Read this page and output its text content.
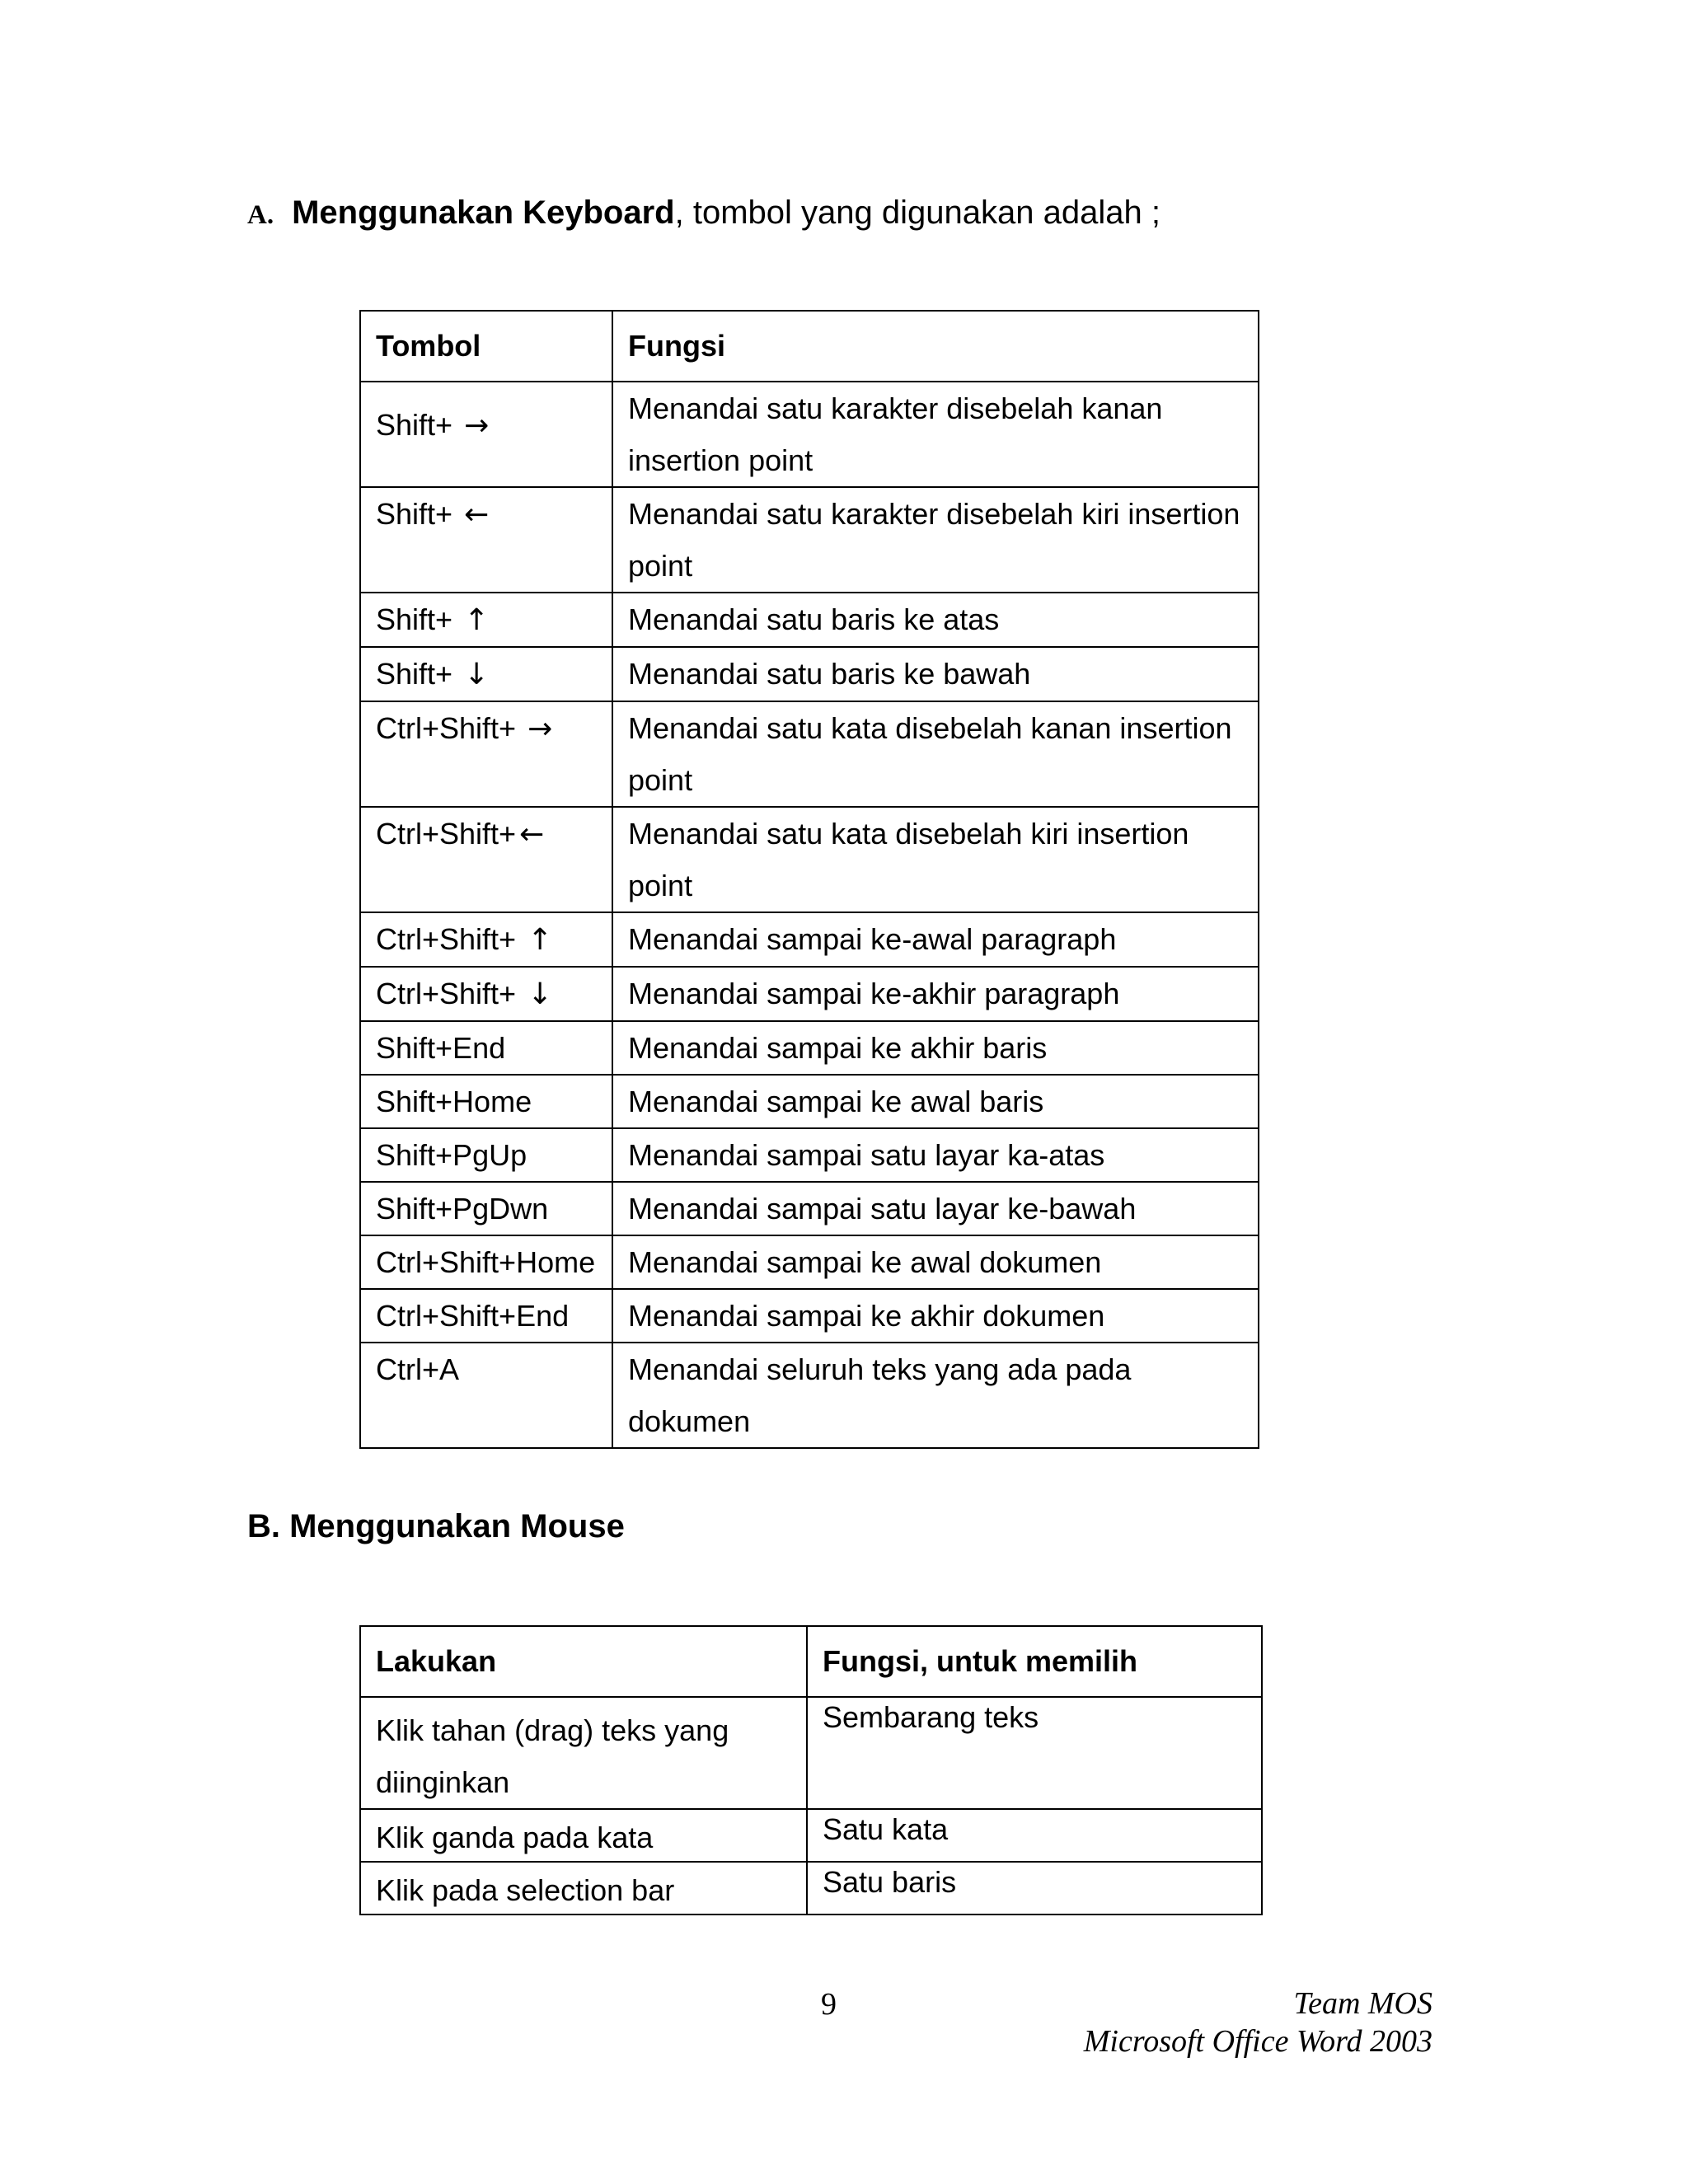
A. Menggunakan Keyboard, tombol yang digunakan adalah ;
Tombol	Fungsi

Shift+ →	Menandai satu karakter disebelah kanan insertion point
Shift+ ←	Menandai satu karakter disebelah kiri insertion point
Shift+ ↑	Menandai satu baris ke atas
Shift+ ↓	Menandai satu baris ke bawah
Ctrl+Shift+ →	Menandai satu kata disebelah kanan insertion point
Ctrl+Shift+ ←	Menandai satu kata disebelah kiri insertion point
Ctrl+Shift+ ↑	Menandai sampai ke-awal paragraph
Ctrl+Shift+ ↓	Menandai sampai ke-akhir paragraph
Shift+End	Menandai sampai ke akhir baris
Shift+Home	Menandai sampai ke awal baris
Shift+PgUp	Menandai sampai satu layar ka-atas
Shift+PgDwn	Menandai sampai satu layar ke-bawah
Ctrl+Shift+Home	Menandai sampai ke awal dokumen
Ctrl+Shift+End	Menandai sampai ke akhir dokumen
Ctrl+A	Menandai seluruh teks yang ada pada dokumen
B. Menggunakan Mouse
Lakukan	Fungsi, untuk memilih

Klik tahan (drag) teks yang diinginkan	Sembarang teks

Klik ganda pada kata	Satu kata

Klik pada selection bar	Satu baris
9	Team MOS
Microsoft Office Word 2003
